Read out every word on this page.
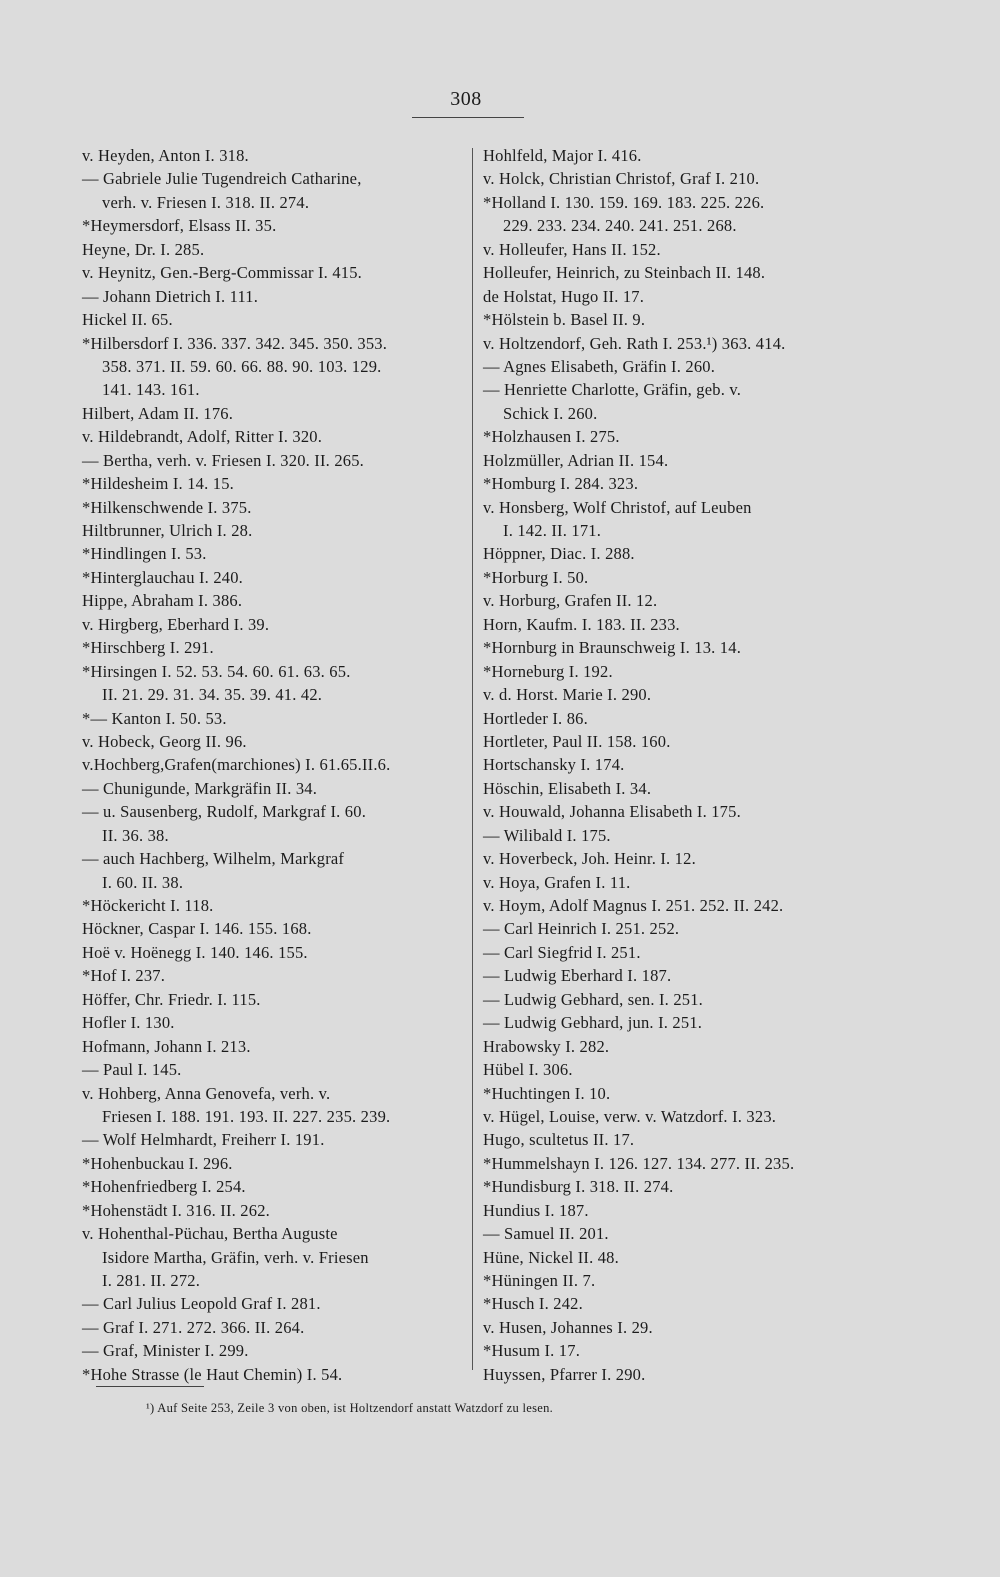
308
v. Heyden, Anton I. 318.
— Gabriele Julie Tugendreich Catharine,
verh. v. Friesen I. 318. II. 274.
*Heymersdorf, Elsass II. 35.
Heyne, Dr. I. 285.
v. Heynitz, Gen.-Berg-Commissar I. 415.
— Johann Dietrich I. 111.
Hickel II. 65.
*Hilbersdorf I. 336. 337. 342. 345. 350. 353.
358. 371. II. 59. 60. 66. 88. 90. 103. 129.
141. 143. 161.
Hilbert, Adam II. 176.
v. Hildebrandt, Adolf, Ritter I. 320.
— Bertha, verh. v. Friesen I. 320. II. 265.
*Hildesheim I. 14. 15.
*Hilkenschwende I. 375.
Hiltbrunner, Ulrich I. 28.
*Hindlingen I. 53.
*Hinterglauchau I. 240.
Hippe, Abraham I. 386.
v. Hirgberg, Eberhard I. 39.
*Hirschberg I. 291.
*Hirsingen I. 52. 53. 54. 60. 61. 63. 65.
II. 21. 29. 31. 34. 35. 39. 41. 42.
*— Kanton I. 50. 53.
v. Hobeck, Georg II. 96.
v.Hochberg,Grafen(marchiones) I. 61.65.II.6.
— Chunigunde, Markgräfin II. 34.
— u. Sausenberg, Rudolf, Markgraf I. 60.
II. 36. 38.
— auch Hachberg, Wilhelm, Markgraf
I. 60. II. 38.
*Höckericht I. 118.
Höckner, Caspar I. 146. 155. 168.
Hoë v. Hoënegg I. 140. 146. 155.
*Hof I. 237.
Höffer, Chr. Friedr. I. 115.
Hofler I. 130.
Hofmann, Johann I. 213.
— Paul I. 145.
v. Hohberg, Anna Genovefa, verh. v.
Friesen I. 188. 191. 193. II. 227. 235. 239.
— Wolf Helmhardt, Freiherr I. 191.
*Hohenbuckau I. 296.
*Hohenfriedberg I. 254.
*Hohenstädt I. 316. II. 262.
v. Hohenthal-Püchau, Bertha Auguste
Isidore Martha, Gräfin, verh. v. Friesen
I. 281. II. 272.
— Carl Julius Leopold Graf I. 281.
— Graf I. 271. 272. 366. II. 264.
— Graf, Minister I. 299.
*Hohe Strasse (le Haut Chemin) I. 54.
Hohlfeld, Major I. 416.
v. Holck, Christian Christof, Graf I. 210.
*Holland I. 130. 159. 169. 183. 225. 226.
229. 233. 234. 240. 241. 251. 268.
v. Holleufer, Hans II. 152.
Holleufer, Heinrich, zu Steinbach II. 148.
de Holstat, Hugo II. 17.
*Hölstein b. Basel II. 9.
v. Holtzendorf, Geh. Rath I. 253.¹) 363. 414.
— Agnes Elisabeth, Gräfin I. 260.
— Henriette Charlotte, Gräfin, geb. v.
Schick I. 260.
*Holzhausen I. 275.
Holzmüller, Adrian II. 154.
*Homburg I. 284. 323.
v. Honsberg, Wolf Christof, auf Leuben
I. 142. II. 171.
Höppner, Diac. I. 288.
*Horburg I. 50.
v. Horburg, Grafen II. 12.
Horn, Kaufm. I. 183. II. 233.
*Hornburg in Braunschweig I. 13. 14.
*Horneburg I. 192.
v. d. Horst. Marie I. 290.
Hortleder I. 86.
Hortleter, Paul II. 158. 160.
Hortschansky I. 174.
Höschin, Elisabeth I. 34.
v. Houwald, Johanna Elisabeth I. 175.
— Wilibald I. 175.
v. Hoverbeck, Joh. Heinr. I. 12.
v. Hoya, Grafen I. 11.
v. Hoym, Adolf Magnus I. 251. 252. II. 242.
— Carl Heinrich I. 251. 252.
— Carl Siegfrid I. 251.
— Ludwig Eberhard I. 187.
— Ludwig Gebhard, sen. I. 251.
— Ludwig Gebhard, jun. I. 251.
Hrabowsky I. 282.
Hübel I. 306.
*Huchtingen I. 10.
v. Hügel, Louise, verw. v. Watzdorf. I. 323.
Hugo, scultetus II. 17.
*Hummelshayn I. 126. 127. 134. 277. II. 235.
*Hundisburg I. 318. II. 274.
Hundius I. 187.
— Samuel II. 201.
Hüne, Nickel II. 48.
*Hüningen II. 7.
*Husch I. 242.
v. Husen, Johannes I. 29.
*Husum I. 17.
Huyssen, Pfarrer I. 290.
¹) Auf Seite 253, Zeile 3 von oben, ist Holtzendorf anstatt Watzdorf zu lesen.
